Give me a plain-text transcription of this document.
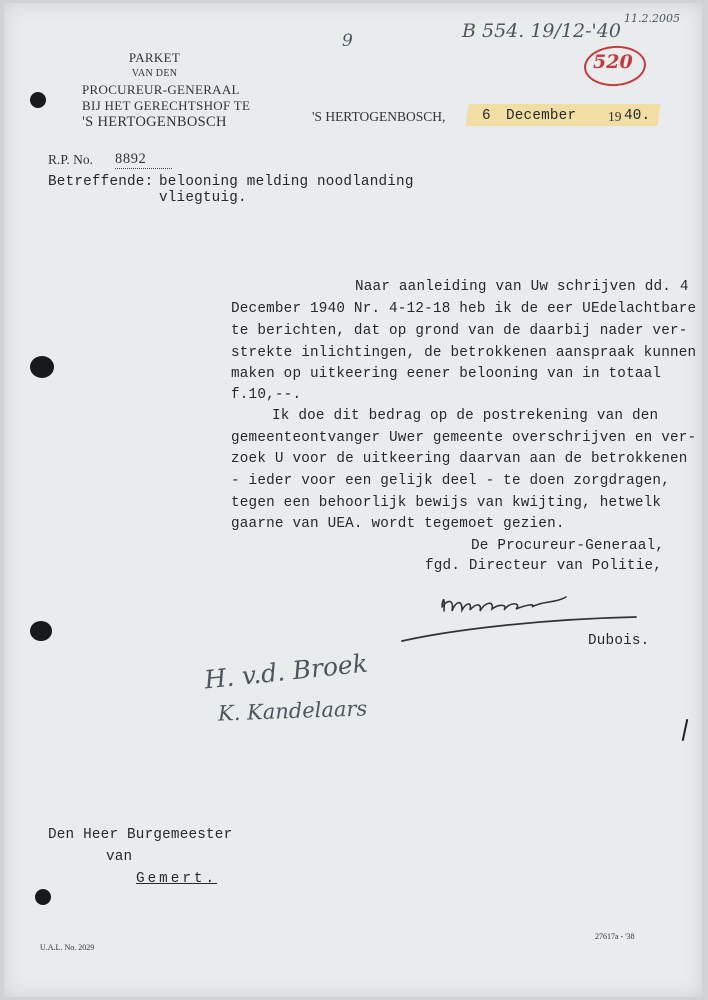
PARKET
VAN DEN
PROCUREUR-GENERAAL
BIJ HET GERECHTSHOF TE
'S HERTOGENBOSCH	'S HERTOGENBOSCH,	6 December 19 40.
9	B 554. 19/12-'40
11.2.2005
520
R.P. No. 8892
Betreffende: belooning melding noodlanding
vliegtuig.
Naar aanleiding van Uw schrijven dd. 4
December 1940 Nr. 4-12-18 heb ik de eer UEdelachtbare
te berichten, dat op grond van de daarbij nader ver-
strekte inlichtingen, de betrokkenen aanspraak kunnen
maken op uitkeering eener belooning van in totaal
f.10,--.
Ik doe dit bedrag op de postrekening van den
gemeenteontvanger Uwer gemeente overschrijven en ver-
zoek U voor de uitkeering daarvan aan de betrokkenen
- ieder voor een gelijk deel - te doen zorgdragen,
tegen een behoorlijk bewijs van kwijting, hetwelk
gaarne van UEA. wordt tegemoet gezien.
De Procureur-Generaal,
fgd. Directeur van Politie,
Dubois.
H. v.d. Broek
K. Kandelaars
Den Heer Burgemeester
van
Gemert.
U.A.L. No. 2029
27617a - '38
